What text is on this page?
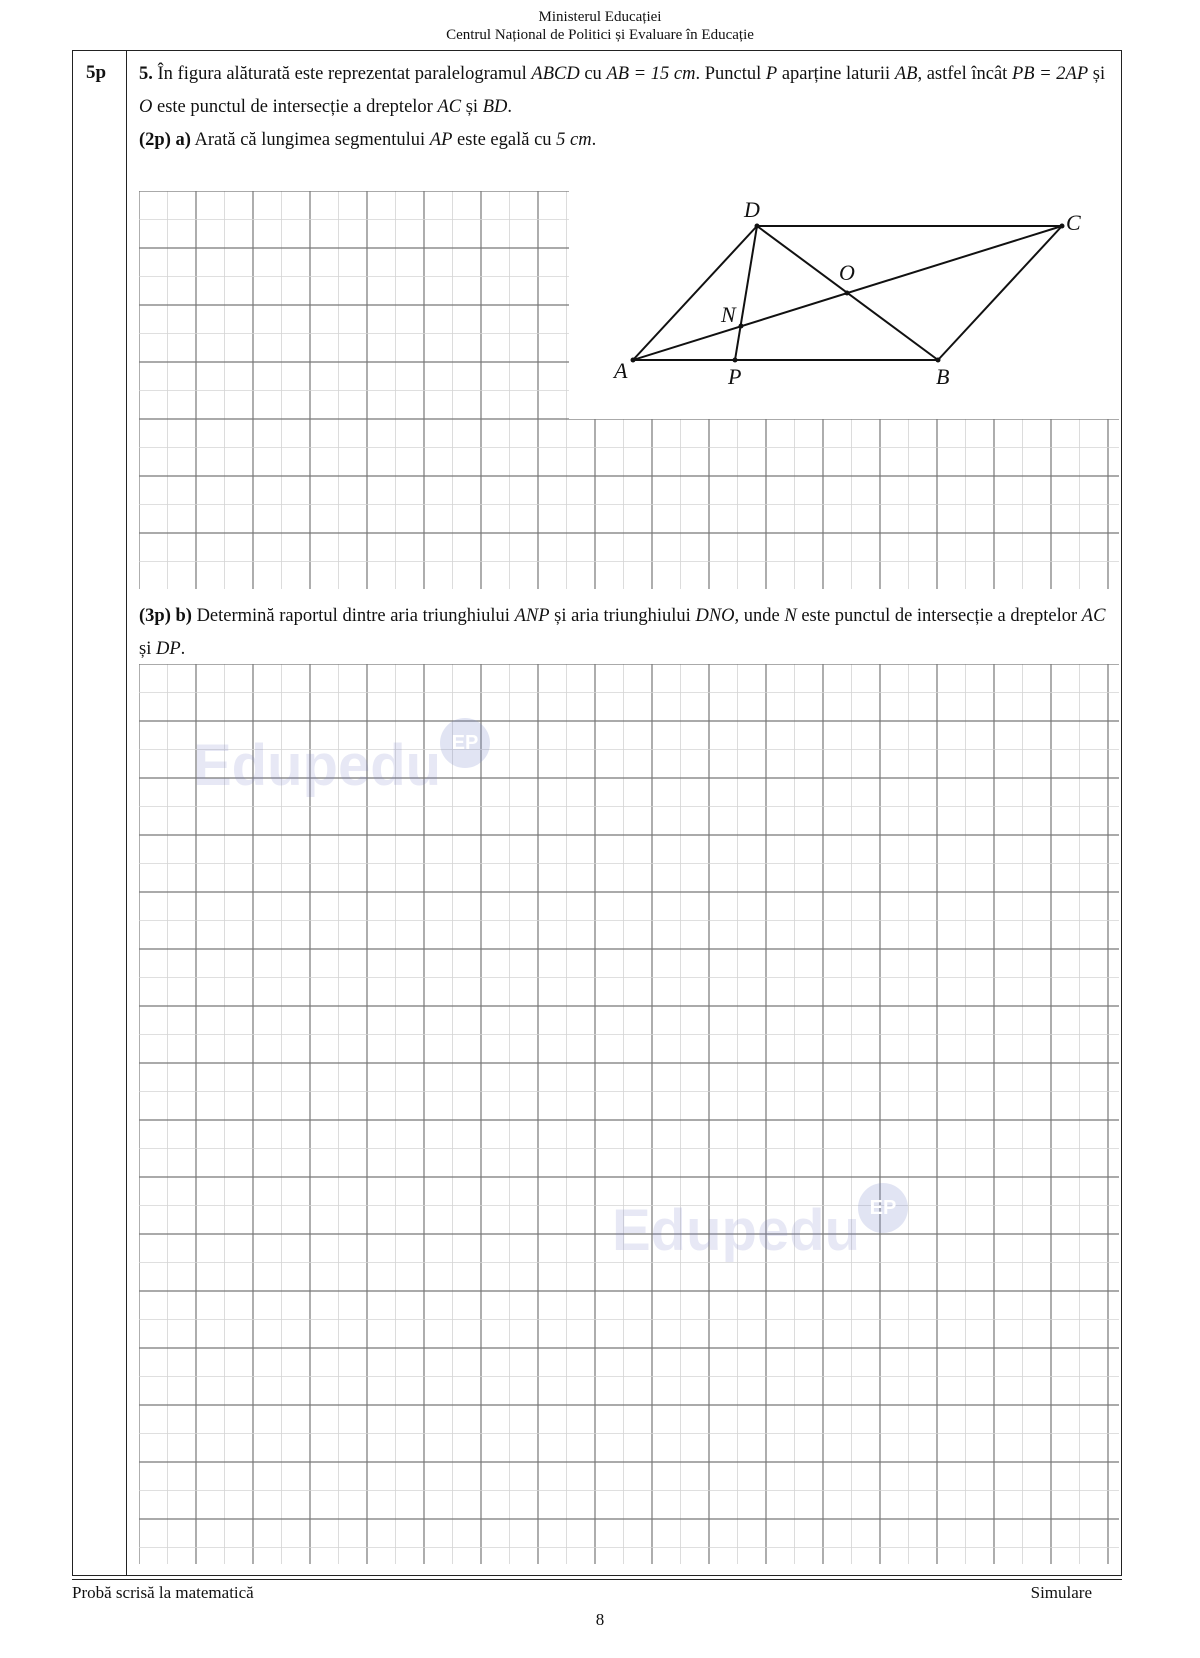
Ministerul Educației
Centrul Național de Politici și Evaluare în Educație
5p 5. În figura alăturată este reprezentat paralelogramul ABCD cu AB = 15 cm. Punctul P aparține laturii AB, astfel încât PB = 2AP și O este punctul de intersecție a dreptelor AC și BD.
(2p) a) Arată că lungimea segmentului AP este egală cu 5 cm.
A	B
C
D
O
N
P
(3p) b) Determină raportul dintre aria triunghiului ANP și aria triunghiului DNO, unde N este punctul de intersecție a dreptelor AC și DP.
Edupedu EP
Edupedu EP
Probă scrisă la matematică	Simulare
8
